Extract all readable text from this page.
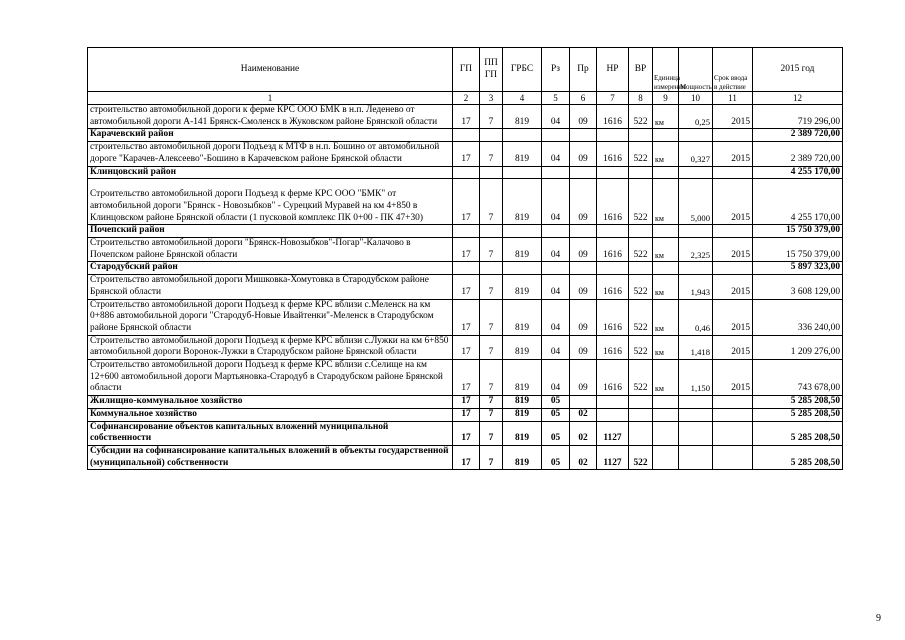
Наименование	ГП	ПП ГП	ГРБС	Рз	Пр	НР	ВР	Единица измерения	Мощность	Срок ввода в действие	2015 год
1	2	3	4	5	6	7	8	9	10	11	12
строительство автомобильной дороги к ферме КРС ООО БМК в н.п. Леденево от автомобильной дороги А-141 Брянск-Смоленск в Жуковском районе Брянской области	17	7	819	04	09	1616	522	км	0,25	2015	719 296,00
Карачевский район											2 389 720,00
строительство автомобильной дороги Подъезд к МТФ в н.п. Бошино от автомобильной дороге "Карачев-Алексеево"-Бошино в Карачевском районе Брянской области	17	7	819	04	09	1616	522	км	0,327	2015	2 389 720,00
Клинцовский район											4 255 170,00
Строительство автомобильной дороги Подъезд к ферме КРС ООО "БМК" от автомобильной дороги "Брянск - Новозыбков" - Сурецкий Муравей на км 4+850 в Клинцовском районе Брянской области (1 пусковой комплекс ПК 0+00 - ПК 47+30)	17	7	819	04	09	1616	522	км	5,000	2015	4 255 170,00
Почепский район											15 750 379,00
Строительство автомобильной дороги "Брянск-Новозыбков"-Погар"-Калачово в Почепском районе Брянской области	17	7	819	04	09	1616	522	км	2,325	2015	15 750 379,00
Стародубский район											5 897 323,00
Строительство автомобильной дороги Мишковка-Хомутовка в Стародубском районе Брянской области	17	7	819	04	09	1616	522	км	1,943	2015	3 608 129,00
Строительство автомобильной дороги Подъезд к ферме КРС вблизи с.Меленск на км 0+886 автомобильной дороги "Стародуб-Новые Ивайтенки"-Меленск в Стародубском районе Брянской области	17	7	819	04	09	1616	522	км	0,46	2015	336 240,00
Строительство автомобильной дороги Подъезд к ферме КРС вблизи с.Лужки на км 6+850 автомобильной дороги Воронок-Лужки в Стародубском районе Брянской области	17	7	819	04	09	1616	522	км	1,418	2015	1 209 276,00
Строительство автомобильной дороги Подъезд к ферме КРС вблизи с.Селище на км 12+600 автомобильной дороги Мартьяновка-Стародуб в Стародубском районе Брянской области	17	7	819	04	09	1616	522	км	1,150	2015	743 678,00
Жилищно-коммунальное хозяйство	17	7	819	05							5 285 208,50
Коммунальное хозяйство	17	7	819	05	02						5 285 208,50
Софинансирование объектов капитальных вложений муниципальной собственности	17	7	819	05	02	1127					5 285 208,50
Субсидии на софинансирование капитальных вложений в объекты государственной (муниципальной) собственности	17	7	819	05	02	1127	522				5 285 208,50
9
